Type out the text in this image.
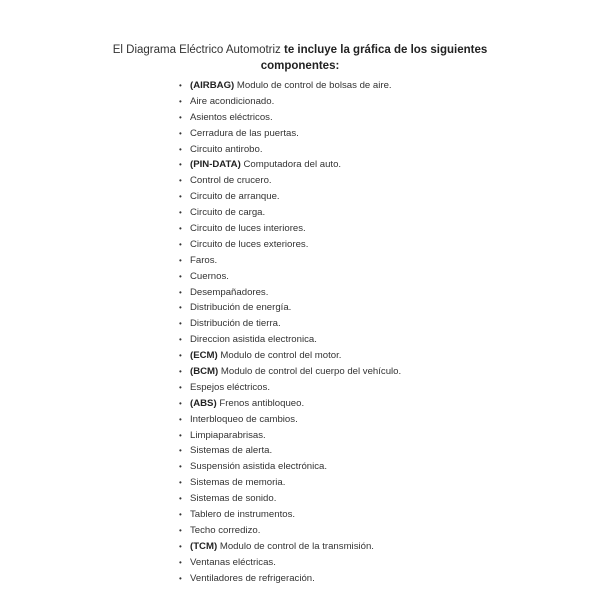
El Diagrama Eléctrico Automotriz te incluye la gráfica de los siguientes
componentes:
• (AIRBAG) Modulo de control de bolsas de aire.
• Aire acondicionado.
• Asientos eléctricos.
• Cerradura de las puertas.
• Circuito antirobo.
• (PIN-DATA) Computadora del auto.
• Control de crucero.
• Circuito de arranque.
• Circuito de carga.
• Circuito de luces interiores.
• Circuito de luces exteriores.
• Faros.
• Cuernos.
• Desempañadores.
• Distribución de energía.
• Distribución de tierra.
• Direccion asistida electronica.
• (ECM) Modulo de control del motor.
• (BCM) Modulo de control del cuerpo del vehículo.
• Espejos eléctricos.
• (ABS) Frenos antibloqueo.
• Interbloqueo de cambios.
• Limpiaparabrisas.
• Sistemas de alerta.
• Suspensión asistida electrónica.
• Sistemas de memoria.
• Sistemas de sonido.
• Tablero de instrumentos.
• Techo corredizo.
• (TCM) Modulo de control de la transmisión.
• Ventanas eléctricas.
• Ventiladores de refrigeración.
